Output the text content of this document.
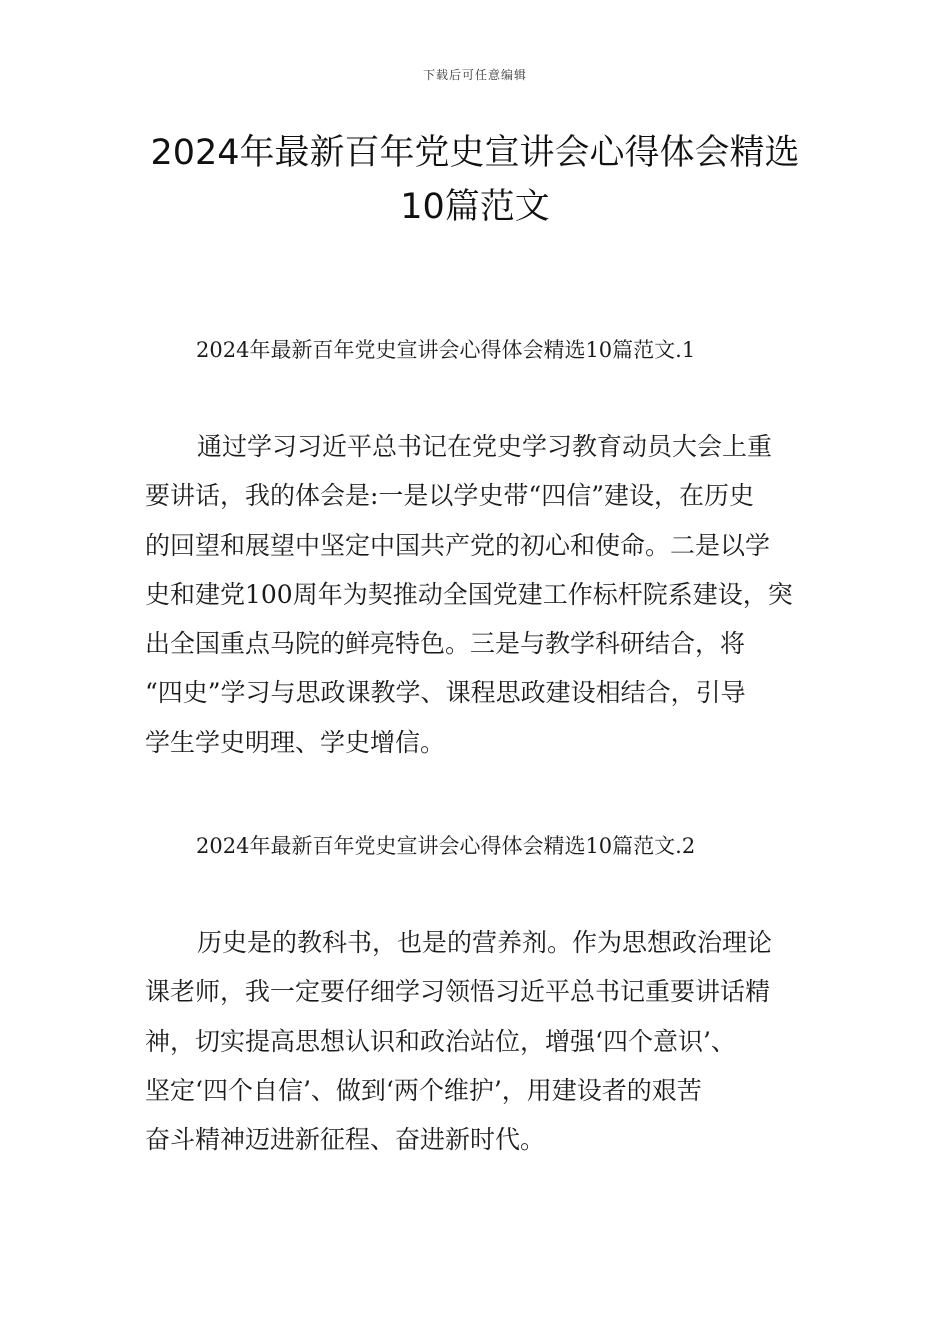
下载后可任意编辑
2024年最新百年党史宣讲会心得体会精选
10篇范文
2024年最新百年党史宣讲会心得体会精选10篇范文.1
通过学习习近平总书记在党史学习教育动员大会上重
要讲话，我的体会是:一是以学史带“四信”建设，在历史
的回望和展望中坚定中国共产党的初心和使命。二是以学
史和建党100周年为契推动全国党建工作标杆院系建设，突
出全国重点马院的鲜亮特色。三是与教学科研结合，将
“四史”学习与思政课教学、课程思政建设相结合，引导
学生学史明理、学史增信。
2024年最新百年党史宣讲会心得体会精选10篇范文.2
历史是的教科书，也是的营养剂。作为思想政治理论
课老师，我一定要仔细学习领悟习近平总书记重要讲话精
神，切实提高思想认识和政治站位，增强‘四个意识’、
坚定‘四个自信’、做到‘两个维护’，用建设者的艰苦
奋斗精神迈进新征程、奋进新时代。
